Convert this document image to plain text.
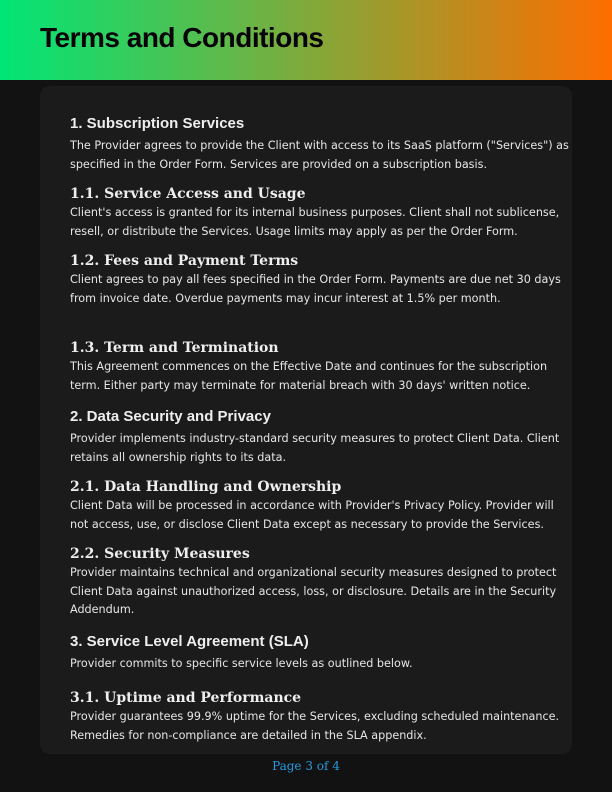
Terms and Conditions
1. Subscription Services

The Provider agrees to provide the Client with access to its SaaS platform ("Services") as specified in the Order Form. Services are provided on a subscription basis.

1.1. Service Access and Usage

Client's access is granted for its internal business purposes. Client shall not sublicense, resell, or distribute the Services. Usage limits may apply as per the Order Form.

1.2. Fees and Payment Terms

Client agrees to pay all fees specified in the Order Form. Payments are due net 30 days from invoice date. Overdue payments may incur interest at 1.5% per month.

1.3. Term and Termination

This Agreement commences on the Effective Date and continues for the subscription term. Either party may terminate for material breach with 30 days' written notice.

2. Data Security and Privacy

Provider implements industry-standard security measures to protect Client Data. Client retains all ownership rights to its data.

2.1. Data Handling and Ownership

Client Data will be processed in accordance with Provider's Privacy Policy. Provider will not access, use, or disclose Client Data except as necessary to provide the Services.

2.2. Security Measures

Provider maintains technical and organizational security measures designed to protect Client Data against unauthorized access, loss, or disclosure. Details are in the Security Addendum.

3. Service Level Agreement (SLA)

Provider commits to specific service levels as outlined below.

3.1. Uptime and Performance

Provider guarantees 99.9% uptime for the Services, excluding scheduled maintenance. Remedies for non-compliance are detailed in the SLA appendix.

Page 3 of 4
